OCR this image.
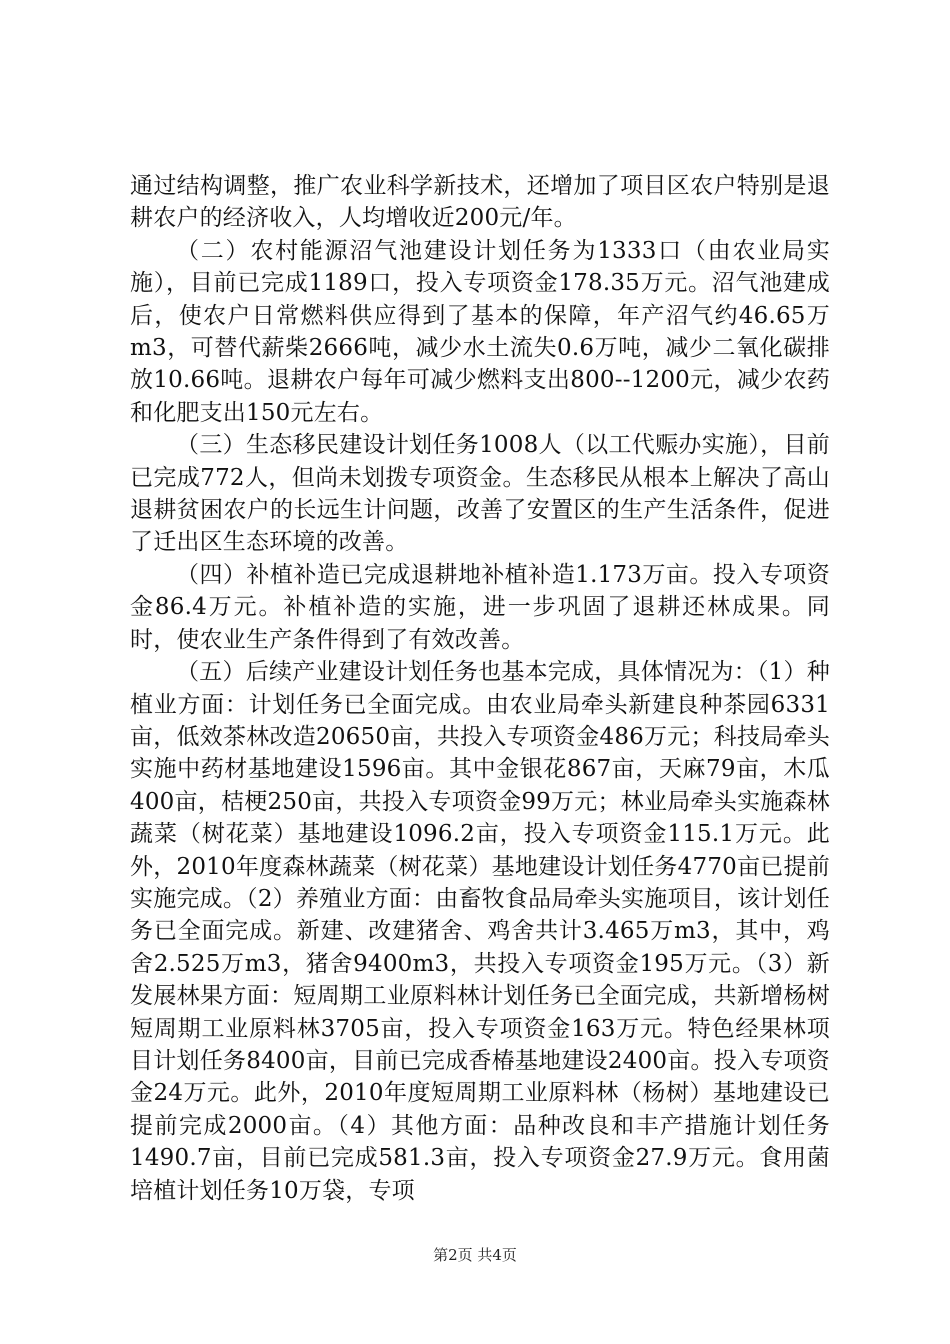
通过结构调整，推广农业科学新技术，还增加了项目区农户特别是退耕农户的经济收入，人均增收近200元/年。

（二）农村能源沼气池建设计划任务为1333口（由农业局实施），目前已完成1189口，投入专项资金178.35万元。沼气池建成后，使农户日常燃料供应得到了基本的保障，年产沼气约46.65万m3，可替代薪柴2666吨，减少水土流失0.6万吨，减少二氧化碳排放10.66吨。退耕农户每年可减少燃料支出800--1200元，减少农药和化肥支出150元左右。

（三）生态移民建设计划任务1008人（以工代赈办实施），目前已完成772人，但尚未划拨专项资金。生态移民从根本上解决了高山退耕贫困农户的长远生计问题，改善了安置区的生产生活条件，促进了迁出区生态环境的改善。

（四）补植补造已完成退耕地补植补造1.173万亩。投入专项资金86.4万元。补植补造的实施，进一步巩固了退耕还林成果。同时，使农业生产条件得到了有效改善。

（五）后续产业建设计划任务也基本完成，具体情况为：（1）种植业方面：计划任务已全面完成。由农业局牵头新建良种茶园6331亩，低效茶林改造20650亩，共投入专项资金486万元；科技局牵头实施中药材基地建设1596亩。其中金银花867亩，天麻79亩，木瓜400亩，桔梗250亩，共投入专项资金99万元；林业局牵头实施森林蔬菜（树花菜）基地建设1096.2亩，投入专项资金115.1万元。此外，2010年度森林蔬菜（树花菜）基地建设计划任务4770亩已提前实施完成。（2）养殖业方面：由畜牧食品局牵头实施项目，该计划任务已全面完成。新建、改建猪舍、鸡舍共计3.465万m3，其中，鸡舍2.525万m3，猪舍9400m3，共投入专项资金195万元。（3）新发展林果方面：短周期工业原料林计划任务已全面完成，共新增杨树短周期工业原料林3705亩，投入专项资金163万元。特色经果林项目计划任务8400亩，目前已完成香椿基地建设2400亩。投入专项资金24万元。此外，2010年度短周期工业原料林（杨树）基地建设已提前完成2000亩。（4）其他方面：品种改良和丰产措施计划任务1490.7亩，目前已完成581.3亩，投入专项资金27.9万元。食用菌培植计划任务10万袋，专项

第2页 共4页
